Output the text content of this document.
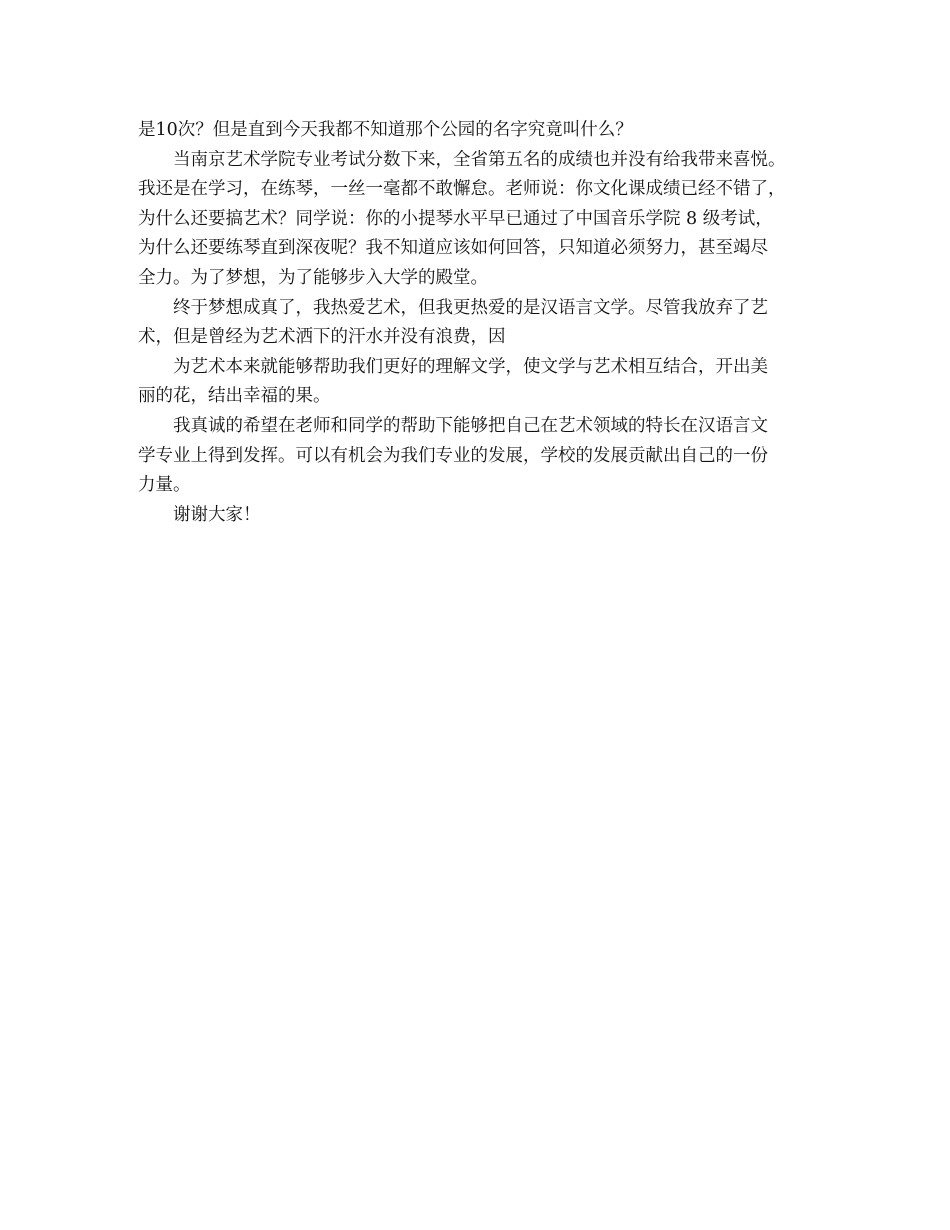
是10次？但是直到今天我都不知道那个公园的名字究竟叫什么？

当南京艺术学院专业考试分数下来，全省第五名的成绩也并没有给我带来喜悦。
我还是在学习，在练琴，一丝一毫都不敢懈怠。老师说：你文化课成绩已经不错了，
为什么还要搞艺术？同学说：你的小提琴水平早已通过了中国音乐学院 8 级考试，
为什么还要练琴直到深夜呢？我不知道应该如何回答，只知道必须努力，甚至竭尽
全力。为了梦想，为了能够步入大学的殿堂。

终于梦想成真了，我热爱艺术，但我更热爱的是汉语言文学。尽管我放弃了艺
术，但是曾经为艺术洒下的汗水并没有浪费，因

为艺术本来就能够帮助我们更好的理解文学，使文学与艺术相互结合，开出美
丽的花，结出幸福的果。

我真诚的希望在老师和同学的帮助下能够把自己在艺术领域的特长在汉语言文
学专业上得到发挥。可以有机会为我们专业的发展，学校的发展贡献出自己的一份
力量。

谢谢大家！
